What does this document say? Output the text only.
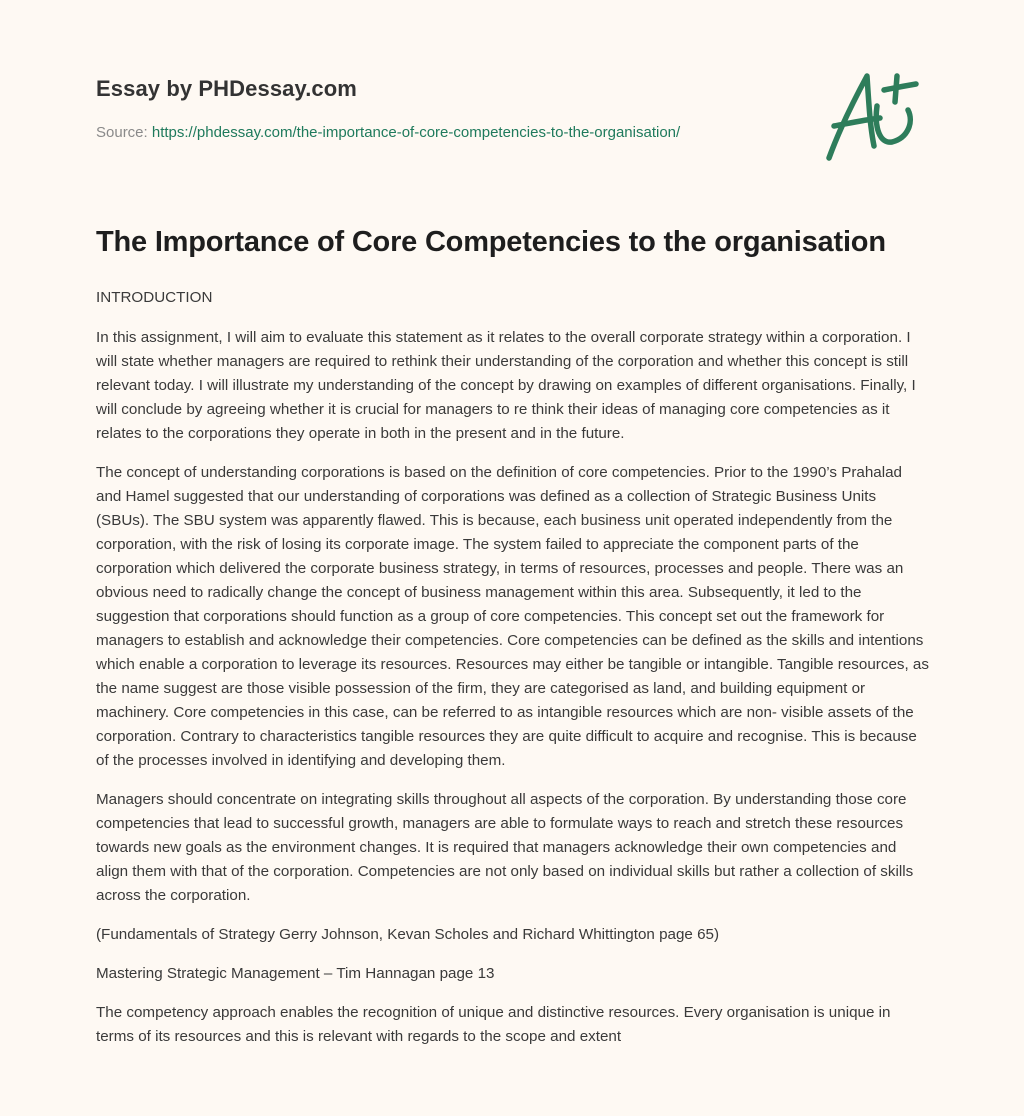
Essay by PHDessay.com
Source: https://phdessay.com/the-importance-of-core-competencies-to-the-organisation/
The Importance of Core Competencies to the organisation

INTRODUCTION

In this assignment, I will aim to evaluate this statement as it relates to the overall corporate strategy within a corporation. I will state whether managers are required to rethink their understanding of the corporation and whether this concept is still relevant today. I will illustrate my understanding of the concept by drawing on examples of different organisations. Finally, I will conclude by agreeing whether it is crucial for managers to re think their ideas of managing core competencies as it relates to the corporations they operate in both in the present and in the future.

The concept of understanding corporations is based on the definition of core competencies. Prior to the 1990’s Prahalad and Hamel suggested that our understanding of corporations was defined as a collection of Strategic Business Units (SBUs). The SBU system was apparently flawed. This is because, each business unit operated independently from the corporation, with the risk of losing its corporate image. The system failed to appreciate the component parts of the corporation which delivered the corporate business strategy, in terms of resources, processes and people. There was an obvious need to radically change the concept of business management within this area. Subsequently, it led to the suggestion that corporations should function as a group of core competencies. This concept set out the framework for managers to establish and acknowledge their competencies. Core competencies can be defined as the skills and intentions which enable a corporation to leverage its resources. Resources may either be tangible or intangible. Tangible resources, as the name suggest are those visible possession of the firm, they are categorised as land, and building equipment or machinery. Core competencies in this case, can be referred to as intangible resources which are non- visible assets of the corporation. Contrary to characteristics tangible resources they are quite difficult to acquire and recognise. This is because of the processes involved in identifying and developing them.

Managers should concentrate on integrating skills throughout all aspects of the corporation. By understanding those core competencies that lead to successful growth, managers are able to formulate ways to reach and stretch these resources towards new goals as the environment changes. It is required that managers acknowledge their own competencies and align them with that of the corporation. Competencies are not only based on individual skills but rather a collection of skills across the corporation.

(Fundamentals of Strategy Gerry Johnson, Kevan Scholes and Richard Whittington page 65)

Mastering Strategic Management – Tim Hannagan page 13

The competency approach enables the recognition of unique and distinctive resources. Every organisation is unique in terms of its resources and this is relevant with regards to the scope and extent
